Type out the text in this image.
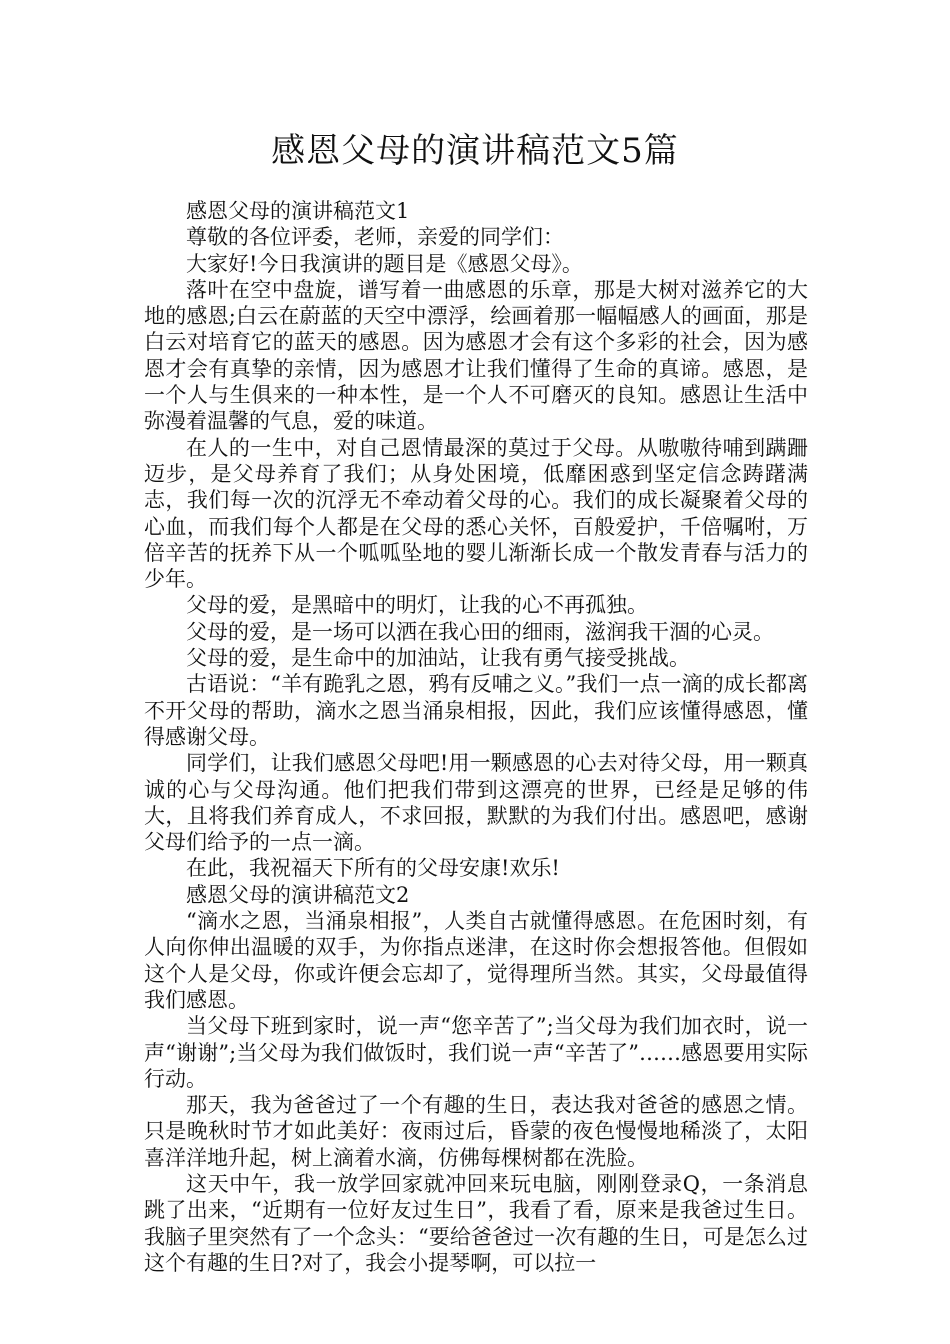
感恩父母的演讲稿范文5篇

感恩父母的演讲稿范文1

尊敬的各位评委，老师，亲爱的同学们：

大家好!今日我演讲的题目是《感恩父母》。

落叶在空中盘旋，谱写着一曲感恩的乐章，那是大树对滋养它的大地的感恩;白云在蔚蓝的天空中漂浮，绘画着那一幅幅感人的画面，那是白云对培育它的蓝天的感恩。因为感恩才会有这个多彩的社会，因为感恩才会有真挚的亲情，因为感恩才让我们懂得了生命的真谛。感恩，是一个人与生俱来的一种本性，是一个人不可磨灭的良知。感恩让生活中弥漫着温馨的气息，爱的味道。

在人的一生中，对自己恩情最深的莫过于父母。从嗷嗷待哺到蹒跚迈步，是父母养育了我们；从身处困境，低靡困惑到坚定信念踌躇满志，我们每一次的沉浮无不牵动着父母的心。我们的成长凝聚着父母的心血，而我们每个人都是在父母的悉心关怀，百般爱护，千倍嘱咐，万倍辛苦的抚养下从一个呱呱坠地的婴儿渐渐长成一个散发青春与活力的少年。

父母的爱，是黑暗中的明灯，让我的心不再孤独。

父母的爱，是一场可以洒在我心田的细雨，滋润我干涸的心灵。

父母的爱，是生命中的加油站，让我有勇气接受挑战。

古语说：“羊有跪乳之恩，鸦有反哺之义。”我们一点一滴的成长都离不开父母的帮助，滴水之恩当涌泉相报，因此，我们应该懂得感恩，懂得感谢父母。

同学们，让我们感恩父母吧!用一颗感恩的心去对待父母，用一颗真诚的心与父母沟通。他们把我们带到这漂亮的世界，已经是足够的伟大，且将我们养育成人，不求回报，默默的为我们付出。感恩吧，感谢父母们给予的一点一滴。

在此，我祝福天下所有的父母安康!欢乐!

感恩父母的演讲稿范文2

“滴水之恩，当涌泉相报”，人类自古就懂得感恩。在危困时刻，有人向你伸出温暖的双手，为你指点迷津，在这时你会想报答他。但假如这个人是父母，你或许便会忘却了，觉得理所当然。其实，父母最值得我们感恩。

当父母下班到家时，说一声“您辛苦了”;当父母为我们加衣时，说一声“谢谢”;当父母为我们做饭时，我们说一声“辛苦了”……感恩要用实际行动。

那天，我为爸爸过了一个有趣的生日，表达我对爸爸的感恩之情。只是晚秋时节才如此美好：夜雨过后，昏蒙的夜色慢慢地稀淡了，太阳喜洋洋地升起，树上滴着水滴，仿佛每棵树都在洗脸。

这天中午，我一放学回家就冲回来玩电脑，刚刚登录Q，一条消息跳了出来，“近期有一位好友过生日”，我看了看，原来是我爸过生日。我脑子里突然有了一个念头：“要给爸爸过一次有趣的生日，可是怎么过这个有趣的生日?对了，我会小提琴啊，可以拉一
